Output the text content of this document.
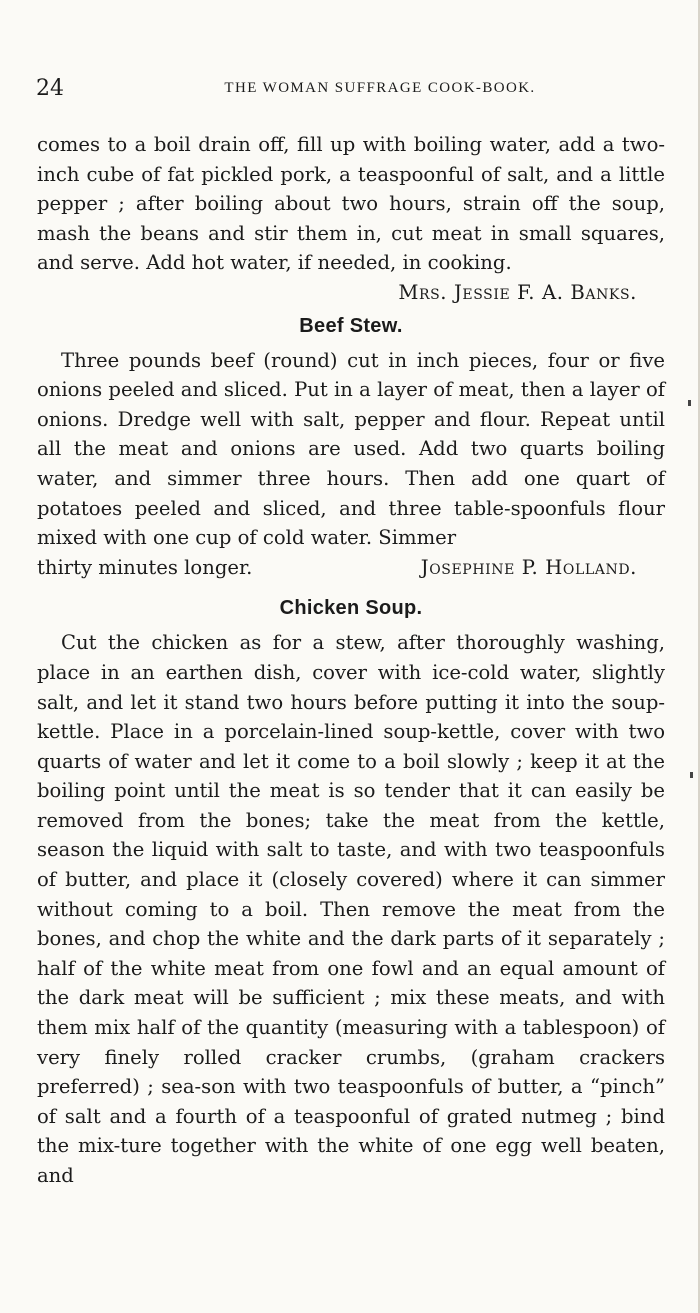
24	THE WOMAN SUFFRAGE COOK-BOOK.

comes to a boil drain off, fill up with boiling water, add a two-inch cube of fat pickled pork, a teaspoonful of salt, and a little pepper ; after boiling about two hours, strain off the soup, mash the beans and stir them in, cut meat in small squares, and serve. Add hot water, if needed, in cooking.

Mrs. Jessie F. A. Banks.

Beef Stew.

Three pounds beef (round) cut in inch pieces, four or five onions peeled and sliced. Put in a layer of meat, then a layer of onions. Dredge well with salt, pepper and flour. Repeat until all the meat and onions are used. Add two quarts boiling water, and simmer three hours. Then add one quart of potatoes peeled and sliced, and three table-spoonfuls flour mixed with one cup of cold water. Simmer

thirty minutes longer.	Josephine P. Holland.

Chicken Soup.

Cut the chicken as for a stew, after thoroughly washing, place in an earthen dish, cover with ice-cold water, slightly salt, and let it stand two hours before putting it into the soup-kettle. Place in a porcelain-lined soup-kettle, cover with two quarts of water and let it come to a boil slowly ; keep it at the boiling point until the meat is so tender that it can easily be removed from the bones; take the meat from the kettle, season the liquid with salt to taste, and with two teaspoonfuls of butter, and place it (closely covered) where it can simmer without coming to a boil. Then remove the meat from the bones, and chop the white and the dark parts of it separately ; half of the white meat from one fowl and an equal amount of the dark meat will be sufficient ; mix these meats, and with them mix half of the quantity (measuring with a tablespoon) of very finely rolled cracker crumbs, (graham crackers preferred) ; sea-son with two teaspoonfuls of butter, a “pinch” of salt and a fourth of a teaspoonful of grated nutmeg ; bind the mix-ture together with the white of one egg well beaten, and
